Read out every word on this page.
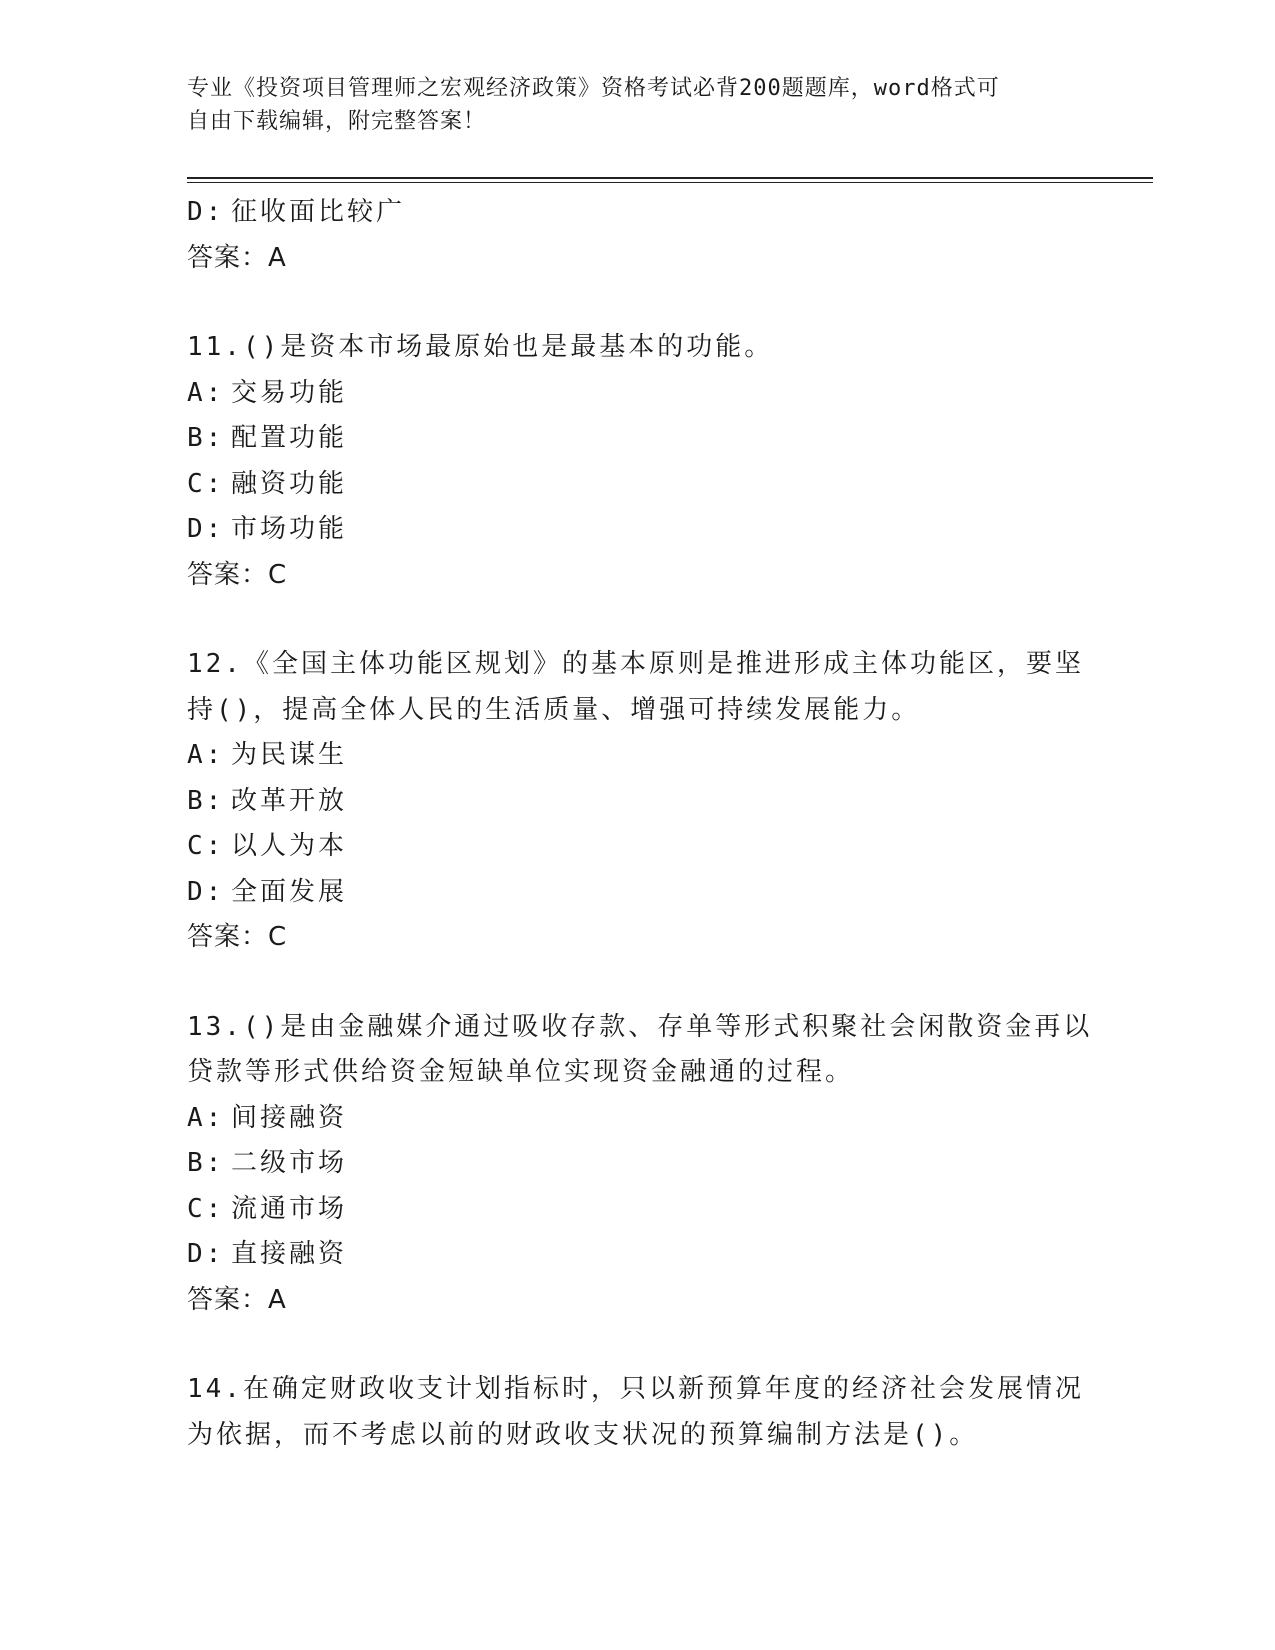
专业《投资项目管理师之宏观经济政策》资格考试必背200题题库，word格式可
自由下载编辑，附完整答案！
D: 征收面比较广
答案：A
11.()是资本市场最原始也是最基本的功能。
A: 交易功能
B: 配置功能
C: 融资功能
D: 市场功能
答案：C
12.《全国主体功能区规划》的基本原则是推进形成主体功能区，要坚
持()，提高全体人民的生活质量、增强可持续发展能力。
A: 为民谋生
B: 改革开放
C: 以人为本
D: 全面发展
答案：C
13.()是由金融媒介通过吸收存款、存单等形式积聚社会闲散资金再以
贷款等形式供给资金短缺单位实现资金融通的过程。
A: 间接融资
B: 二级市场
C: 流通市场
D: 直接融资
答案：A
14.在确定财政收支计划指标时，只以新预算年度的经济社会发展情况
为依据，而不考虑以前的财政收支状况的预算编制方法是()。
